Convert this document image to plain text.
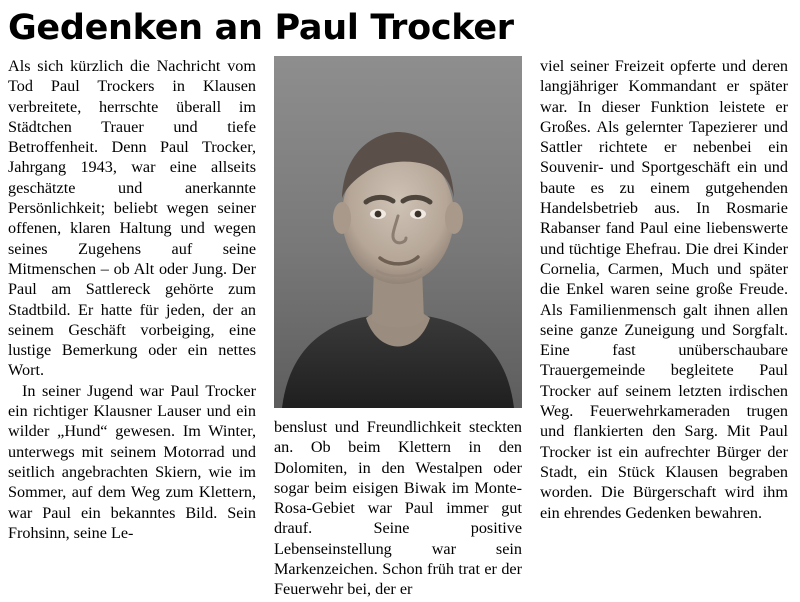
Gedenken an Paul Trocker

Als sich kürzlich die Nachricht vom Tod Paul Trockers in Klausen verbreitete, herrschte überall im Städtchen Trauer und tiefe Betroffenheit. Denn Paul Trocker, Jahrgang 1943, war eine allseits geschätzte und anerkannte Persönlichkeit; beliebt wegen seiner offenen, klaren Haltung und wegen seines Zugehens auf seine Mitmenschen – ob Alt oder Jung. Der Paul am Sattlereck gehörte zum Stadtbild. Er hatte für jeden, der an seinem Geschäft vorbeiging, eine lustige Bemerkung oder ein nettes Wort.

In seiner Jugend war Paul Trocker ein richtiger Klausner Lauser und ein wilder „Hund“ gewesen. Im Winter, unterwegs mit seinem Motorrad und seitlich angebrachten Skiern, wie im Sommer, auf dem Weg zum Klettern, war Paul ein bekanntes Bild. Sein Frohsinn, seine Le-

benslust und Freundlichkeit steckten an. Ob beim Klettern in den Dolomiten, in den Westalpen oder sogar beim eisigen Biwak im Monte-Rosa-Gebiet war Paul immer gut drauf. Seine positive Lebenseinstellung war sein Markenzeichen. Schon früh trat er der Feuerwehr bei, der er

viel seiner Freizeit opferte und deren langjähriger Kommandant er später war. In dieser Funktion leistete er Großes. Als gelernter Tapezierer und Sattler richtete er nebenbei ein Souvenir- und Sportgeschäft ein und baute es zu einem gutgehenden Handelsbetrieb aus. In Rosmarie Rabanser fand Paul eine liebenswerte und tüchtige Ehefrau. Die drei Kinder Cornelia, Carmen, Much und später die Enkel waren seine große Freude. Als Familienmensch galt ihnen allen seine ganze Zuneigung und Sorgfalt. Eine fast unüberschaubare Trauergemeinde begleitete Paul Trocker auf seinem letzten irdischen Weg. Feuerwehrkameraden trugen und flankierten den Sarg. Mit Paul Trocker ist ein aufrechter Bürger der Stadt, ein Stück Klausen begraben worden. Die Bürgerschaft wird ihm ein ehrendes Gedenken bewahren.
